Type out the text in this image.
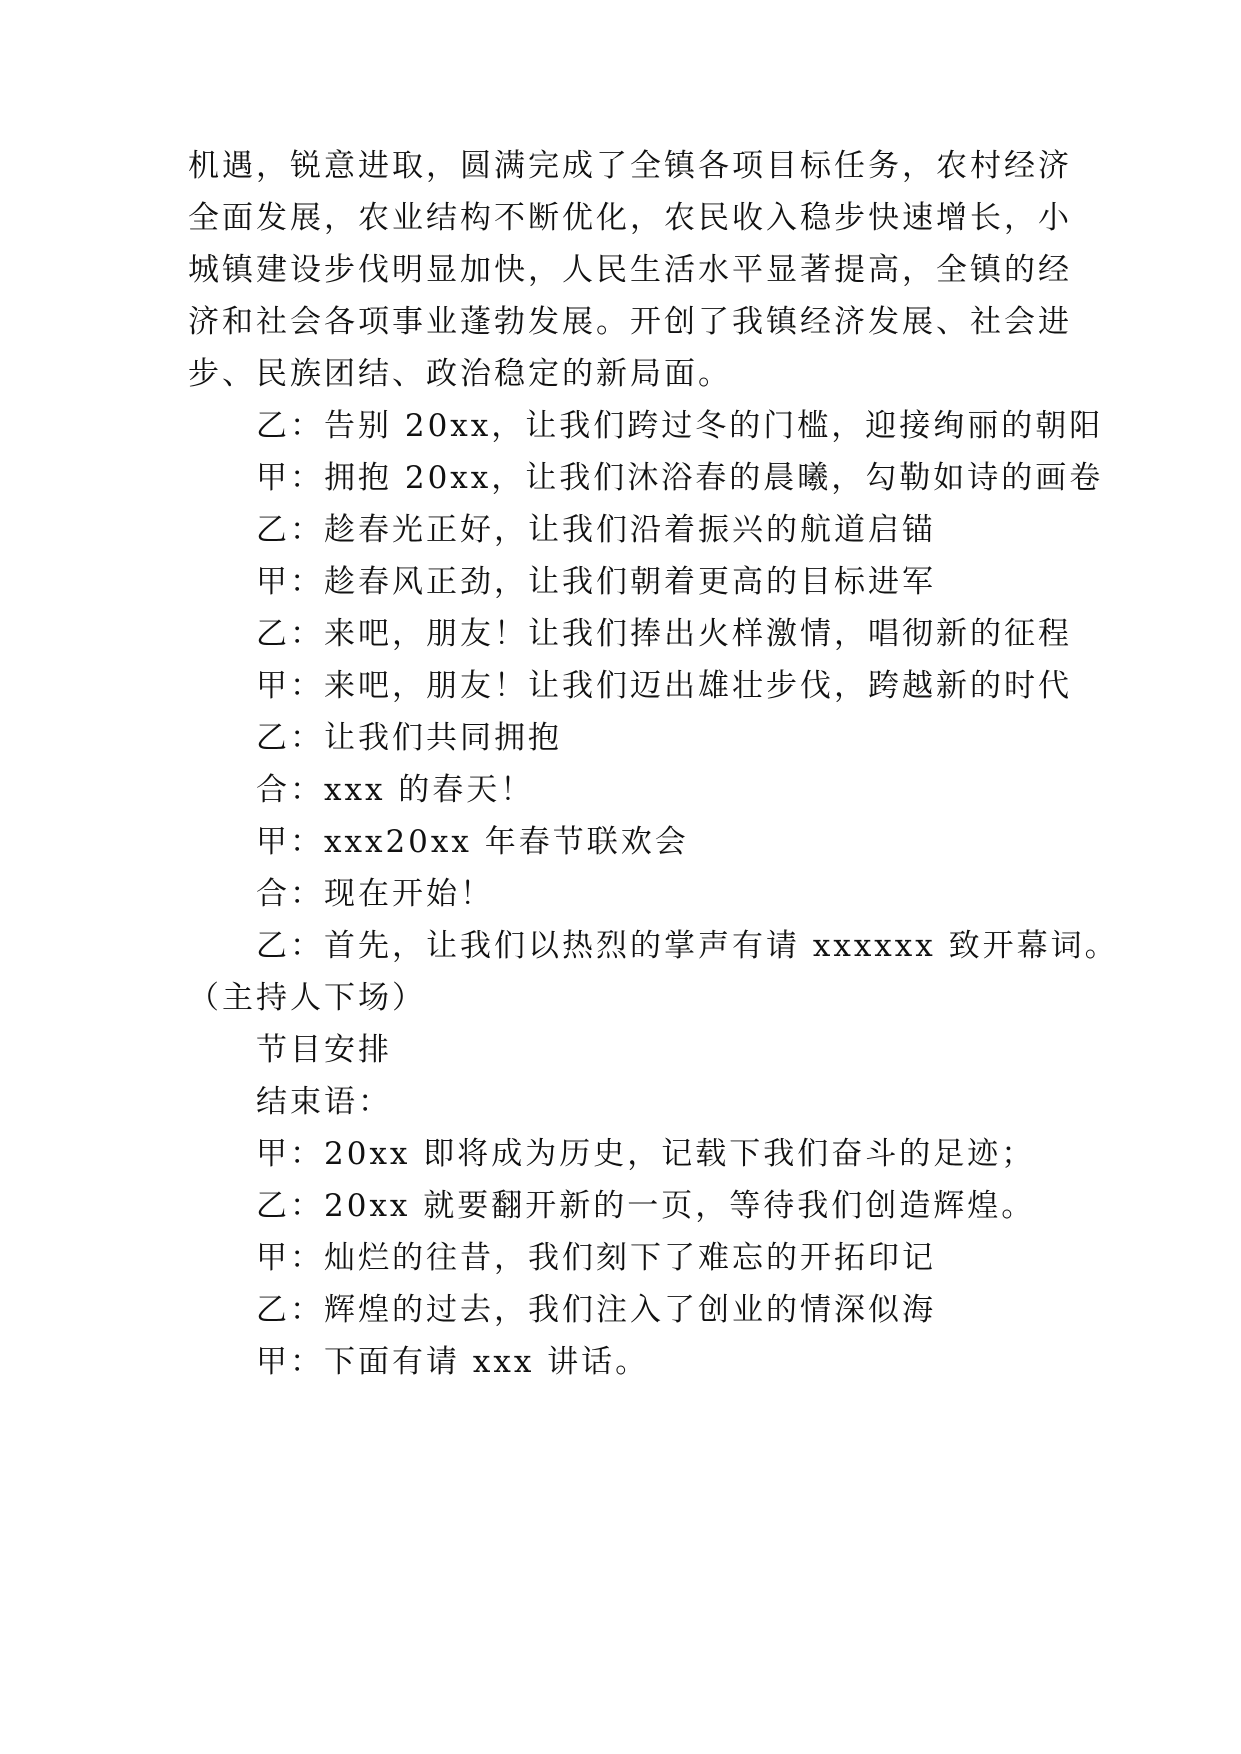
机遇，锐意进取，圆满完成了全镇各项目标任务，农村经济
全面发展，农业结构不断优化，农民收入稳步快速增长，小
城镇建设步伐明显加快，人民生活水平显著提高，全镇的经
济和社会各项事业蓬勃发展。开创了我镇经济发展、社会进
步、民族团结、政治稳定的新局面。
乙：告别 20xx，让我们跨过冬的门槛，迎接绚丽的朝阳
甲：拥抱 20xx，让我们沐浴春的晨曦，勾勒如诗的画卷
乙：趁春光正好，让我们沿着振兴的航道启锚
甲：趁春风正劲，让我们朝着更高的目标进军
乙：来吧，朋友！让我们捧出火样激情，唱彻新的征程
甲：来吧，朋友！让我们迈出雄壮步伐，跨越新的时代
乙：让我们共同拥抱
合：xxx 的春天！
甲：xxx20xx 年春节联欢会
合：现在开始！
乙：首先，让我们以热烈的掌声有请 xxxxxx 致开幕词。
（主持人下场）
节目安排
结束语：
甲：20xx 即将成为历史，记载下我们奋斗的足迹；
乙：20xx 就要翻开新的一页，等待我们创造辉煌。
甲：灿烂的往昔，我们刻下了难忘的开拓印记
乙：辉煌的过去，我们注入了创业的情深似海
甲：下面有请 xxx 讲话。
